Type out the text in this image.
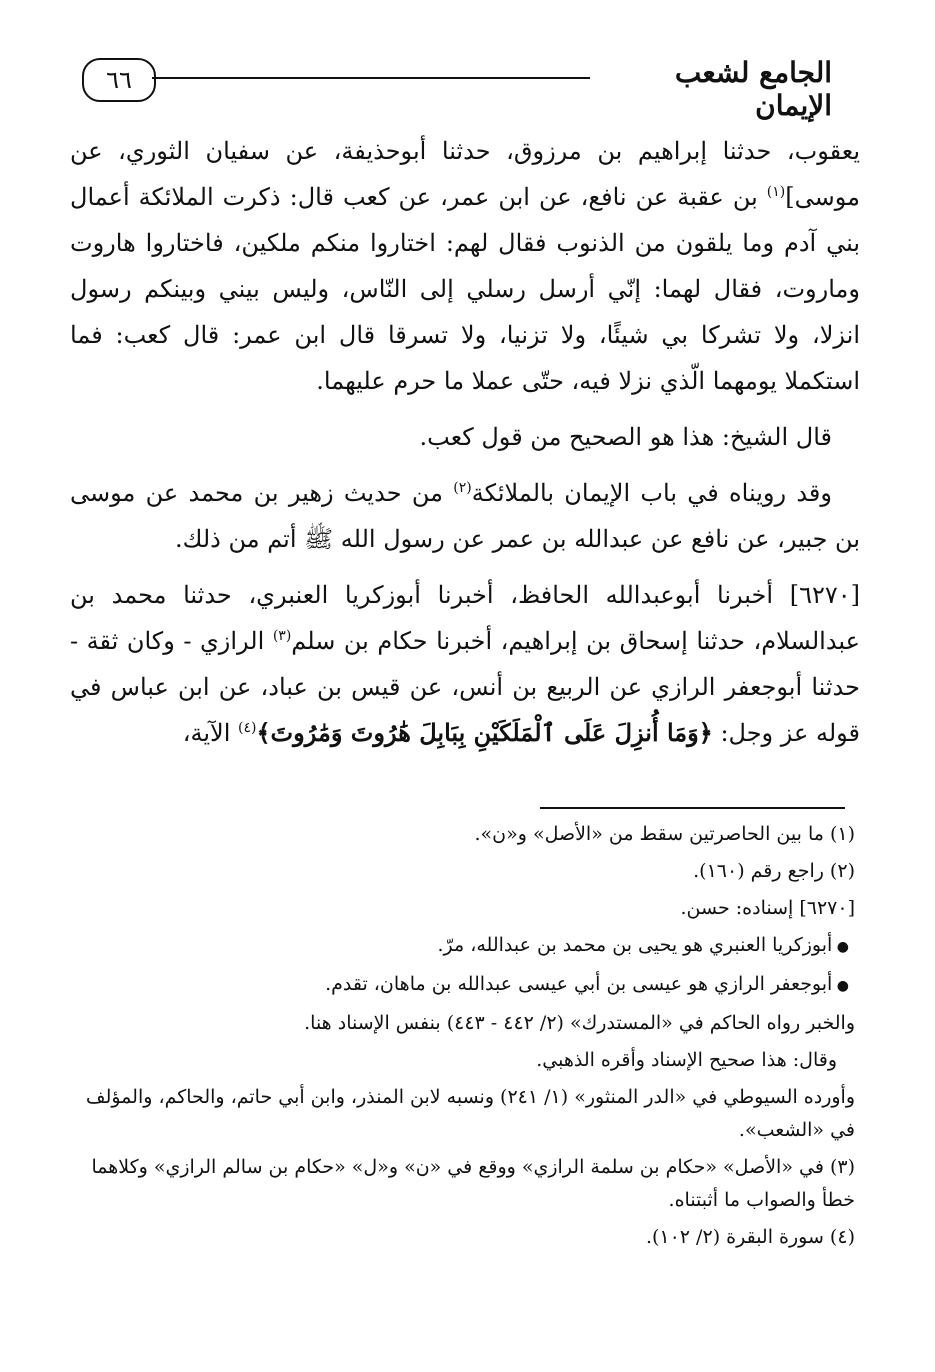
٦٦	الجامع لشعب الإيمان

يعقوب، حدثنا إبراهيم بن مرزوق، حدثنا أبوحذيفة، عن سفيان الثوري، عن موسى]$^{(١)}$ بن عقبة عن نافع، عن ابن عمر، عن كعب قال: ذكرت الملائكة أعمال بني آدم وما يلقون من الذنوب فقال لهم: اختاروا منكم ملكين، فاختاروا هاروت وماروت، فقال لهما: إنّي أرسل رسلي إلى النّاس، وليس بيني وبينكم رسول انزلا، ولا تشركا بي شيئًا، ولا تزنيا، ولا تسرقا قال ابن عمر: قال كعب: فما استكملا يومهما الّذي نزلا فيه، حتّى عملا ما حرم عليهما.

قال الشيخ: هذا هو الصحيح من قول كعب.

وقد رويناه في باب الإيمان بالملائكة$^{(٢)}$ من حديث زهير بن محمد عن موسى بن جبير، عن نافع عن عبدالله بن عمر عن رسول الله ﷺ أتم من ذلك.

[٦٢٧٠] أخبرنا أبوعبدالله الحافظ، أخبرنا أبوزكريا العنبري، حدثنا محمد بن عبدالسلام، حدثنا إسحاق بن إبراهيم، أخبرنا حكام بن سلم$^{(٣)}$ الرازي - وكان ثقة - حدثنا أبوجعفر الرازي عن الربيع بن أنس، عن قيس بن عباد، عن ابن عباس في قوله عز وجل: ﴿وَمَا أُنزِلَ عَلَى ٱلْمَلَكَيْنِ بِبَابِلَ هَٰرُوتَ وَمَٰرُوتَ﴾$^{(٤)}$ الآية،

(١) ما بين الحاصرتين سقط من «الأصل» و«ن».

(٢) راجع رقم (١٦٠).

[٦٢٧٠] إسناده: حسن.

● أبوزكريا العنبري هو يحيى بن محمد بن عبدالله، مرّ.

● أبوجعفر الرازي هو عيسى بن أبي عيسى عبدالله بن ماهان، تقدم.

والخبر رواه الحاكم في «المستدرك» (٢/ ٤٤٢ - ٤٤٣) بنفس الإسناد هنا.

وقال: هذا صحيح الإسناد وأقره الذهبي.

وأورده السيوطي في «الدر المنثور» (١/ ٢٤١) ونسبه لابن المنذر، وابن أبي حاتم، والحاكم، والمؤلف في «الشعب».

(٣) في «الأصل» «حكام بن سلمة الرازي» ووقع في «ن» و«ل» «حكام بن سالم الرازي» وكلاهما خطأ والصواب ما أثبتناه.

(٤) سورة البقرة (٢/ ١٠٢).
